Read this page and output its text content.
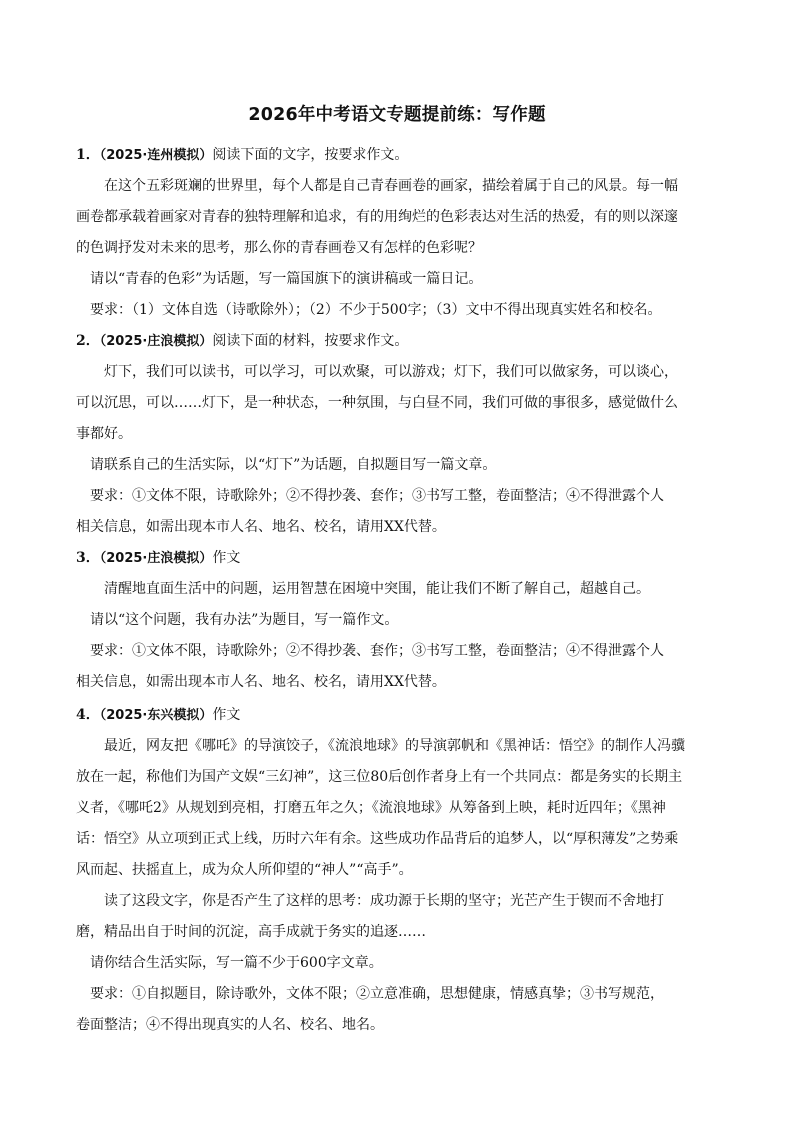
2026年中考语文专题提前练：写作题
1．（2025·连州模拟）阅读下面的文字，按要求作文。
在这个五彩斑斓的世界里，每个人都是自己青春画卷的画家，描绘着属于自己的风景。每一幅
画卷都承载着画家对青春的独特理解和追求，有的用绚烂的色彩表达对生活的热爱，有的则以深邃
的色调抒发对未来的思考，那么你的青春画卷又有怎样的色彩呢？
请以“青春的色彩”为话题，写一篇国旗下的演讲稿或一篇日记。
要求：（1）文体自选（诗歌除外）；（2）不少于500字；（3）文中不得出现真实姓名和校名。
2．（2025·庄浪模拟）阅读下面的材料，按要求作文。
灯下，我们可以读书，可以学习，可以欢聚，可以游戏；灯下，我们可以做家务，可以谈心，
可以沉思，可以……灯下，是一种状态，一种氛围，与白昼不同，我们可做的事很多，感觉做什么
事都好。
请联系自己的生活实际，以“灯下”为话题，自拟题目写一篇文章。
要求：①文体不限，诗歌除外；②不得抄袭、套作；③书写工整，卷面整洁；④不得泄露个人
相关信息，如需出现本市人名、地名、校名，请用XX代替。
3．（2025·庄浪模拟）作文
清醒地直面生活中的问题，运用智慧在困境中突围，能让我们不断了解自己，超越自己。
请以“这个问题，我有办法”为题目，写一篇作文。
要求：①文体不限，诗歌除外；②不得抄袭、套作；③书写工整，卷面整洁；④不得泄露个人
相关信息，如需出现本市人名、地名、校名，请用XX代替。
4．（2025·东兴模拟）作文
最近，网友把《哪吒》的导演饺子，《流浪地球》的导演郭帆和《黑神话：悟空》的制作人冯骥
放在一起，称他们为国产文娱“三幻神”，这三位80后创作者身上有一个共同点：都是务实的长期主
义者，《哪吒2》从规划到亮相，打磨五年之久；《流浪地球》从筹备到上映，耗时近四年；《黑神
话：悟空》从立项到正式上线，历时六年有余。这些成功作品背后的追梦人，以“厚积薄发”之势乘
风而起、扶摇直上，成为众人所仰望的“神人”“高手”。
读了这段文字，你是否产生了这样的思考：成功源于长期的坚守；光芒产生于锲而不舍地打
磨，精品出自于时间的沉淀，高手成就于务实的追逐……
请你结合生活实际，写一篇不少于600字文章。
要求：①自拟题目，除诗歌外，文体不限；②立意准确，思想健康，情感真挚；③书写规范，
卷面整洁；④不得出现真实的人名、校名、地名。
